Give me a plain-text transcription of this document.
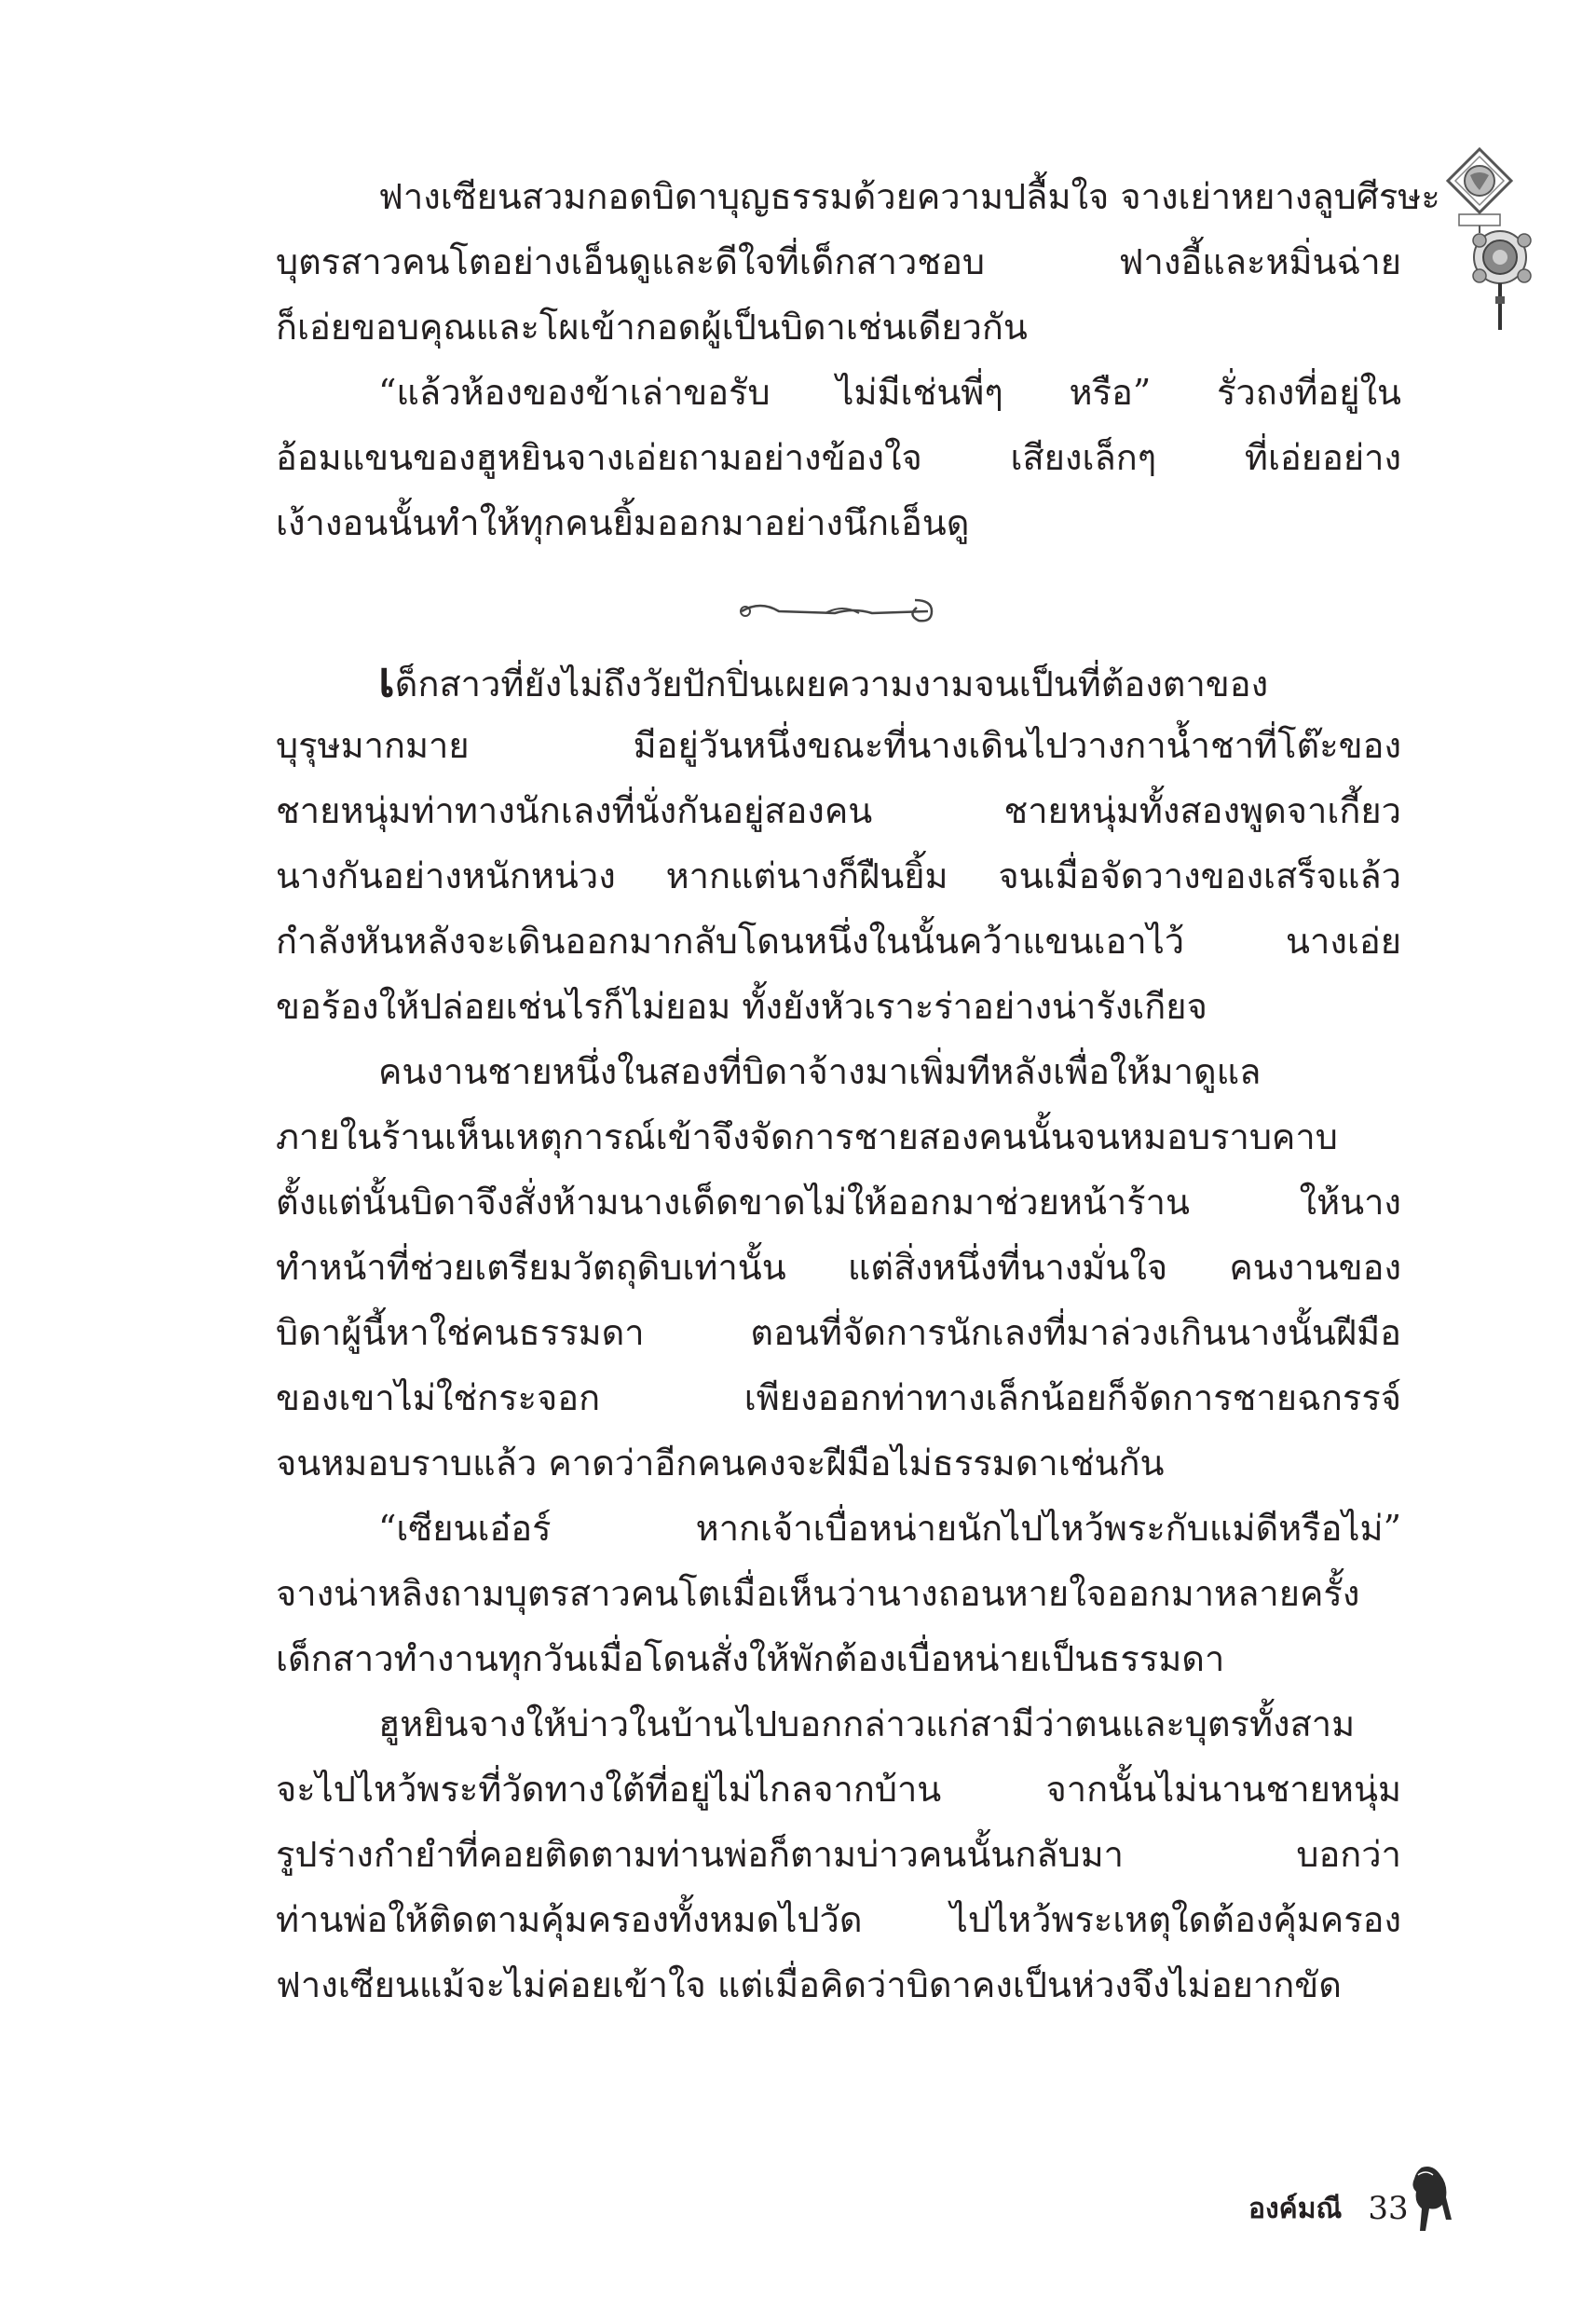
ฟางเซียนสวมกอดบิดาบุญธรรมด้วยความปลื้มใจ จางเย่าหยางลูบศีรษะ
บุตรสาวคนโตอย่างเอ็นดูและดีใจที่เด็กสาวชอบ ฟางอี้และหมิ่นฉ่าย
ก็เอ่ยขอบคุณและโผเข้ากอดผู้เป็นบิดาเช่นเดียวกัน
“แล้วห้องของข้าเล่าขอรับ ไม่มีเช่นพี่ๆ หรือ” รั่วถงที่อยู่ใน
อ้อมแขนของฮูหยินจางเอ่ยถามอย่างข้องใจ เสียงเล็กๆ ที่เอ่ยอย่าง
เง้างอนนั้นทำให้ทุกคนยิ้มออกมาอย่างนึกเอ็นดู
เด็กสาวที่ยังไม่ถึงวัยปักปิ่นเผยความงามจนเป็นที่ต้องตาของ
บุรุษมากมาย มีอยู่วันหนึ่งขณะที่นางเดินไปวางกาน้ำชาที่โต๊ะของ
ชายหนุ่มท่าทางนักเลงที่นั่งกันอยู่สองคน ชายหนุ่มทั้งสองพูดจาเกี้ยว
นางกันอย่างหนักหน่วง หากแต่นางก็ฝืนยิ้ม จนเมื่อจัดวางของเสร็จแล้ว
กำลังหันหลังจะเดินออกมากลับโดนหนึ่งในนั้นคว้าแขนเอาไว้ นางเอ่ย
ขอร้องให้ปล่อยเช่นไรก็ไม่ยอม ทั้งยังหัวเราะร่าอย่างน่ารังเกียจ
คนงานชายหนึ่งในสองที่บิดาจ้างมาเพิ่มทีหลังเพื่อให้มาดูแล
ภายในร้านเห็นเหตุการณ์เข้าจึงจัดการชายสองคนนั้นจนหมอบราบคาบ
ตั้งแต่นั้นบิดาจึงสั่งห้ามนางเด็ดขาดไม่ให้ออกมาช่วยหน้าร้าน ให้นาง
ทำหน้าที่ช่วยเตรียมวัตถุดิบเท่านั้น แต่สิ่งหนึ่งที่นางมั่นใจ คนงานของ
บิดาผู้นี้หาใช่คนธรรมดา ตอนที่จัดการนักเลงที่มาล่วงเกินนางนั้นฝีมือ
ของเขาไม่ใช่กระจอก เพียงออกท่าทางเล็กน้อยก็จัดการชายฉกรรจ์
จนหมอบราบแล้ว คาดว่าอีกคนคงจะฝีมือไม่ธรรมดาเช่นกัน
“เซียนเอ๋อร์ หากเจ้าเบื่อหน่ายนักไปไหว้พระกับแม่ดีหรือไม่”
จางน่าหลิงถามบุตรสาวคนโตเมื่อเห็นว่านางถอนหายใจออกมาหลายครั้ง
เด็กสาวทำงานทุกวันเมื่อโดนสั่งให้พักต้องเบื่อหน่ายเป็นธรรมดา
ฮูหยินจางให้บ่าวในบ้านไปบอกกล่าวแก่สามีว่าตนและบุตรทั้งสาม
จะไปไหว้พระที่วัดทางใต้ที่อยู่ไม่ไกลจากบ้าน จากนั้นไม่นานชายหนุ่ม
รูปร่างกำยำที่คอยติดตามท่านพ่อก็ตามบ่าวคนนั้นกลับมา บอกว่า
ท่านพ่อให้ติดตามคุ้มครองทั้งหมดไปวัด ไปไหว้พระเหตุใดต้องคุ้มครอง
ฟางเซียนแม้จะไม่ค่อยเข้าใจ แต่เมื่อคิดว่าบิดาคงเป็นห่วงจึงไม่อยากขัด
องค์มณี 33
